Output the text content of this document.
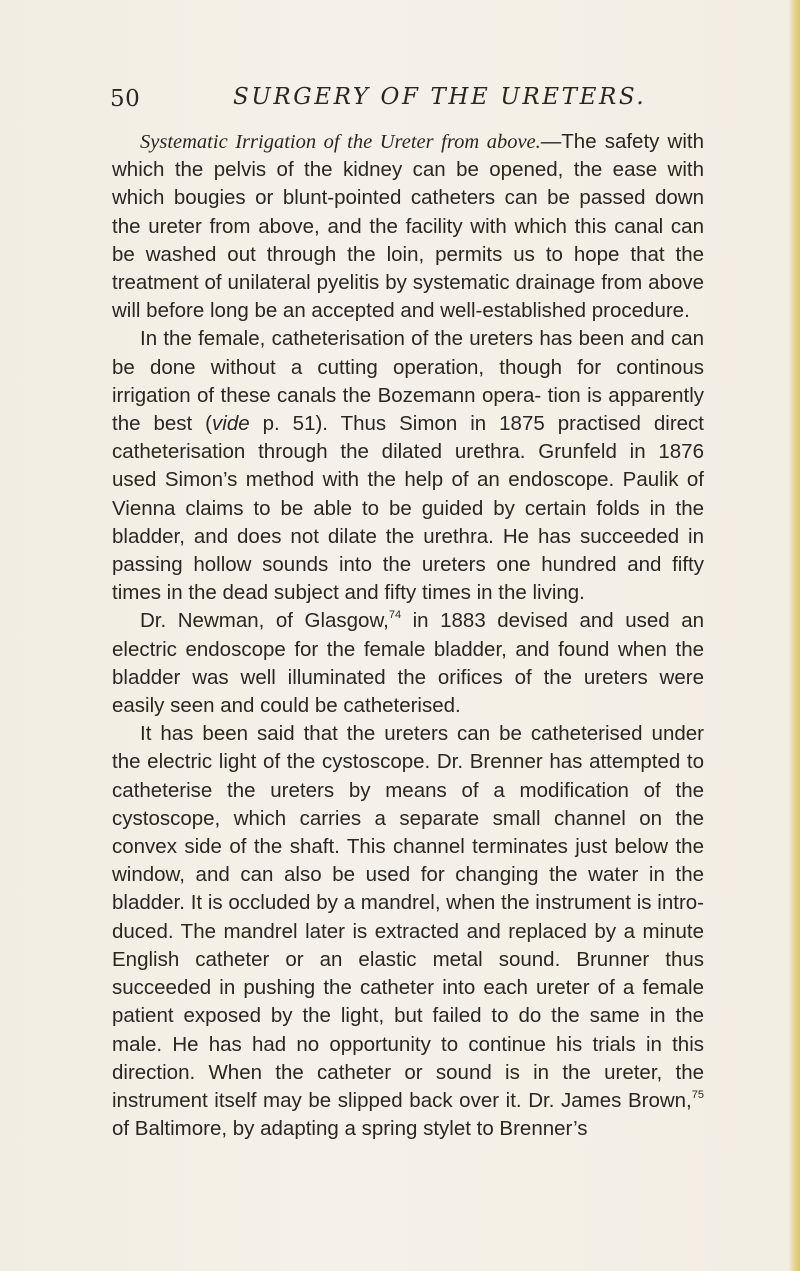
50	SURGERY OF THE URETERS.

Systematic Irrigation of the Ureter from above.—The safety with which the pelvis of the kidney can be opened, the ease with which bougies or blunt-pointed catheters can be passed down the ureter from above, and the facility with which this canal can be washed out through the loin, permits us to hope that the treatment of unilateral pyelitis by systematic drainage from above will before long be an accepted and well-established procedure.

In the female, catheterisation of the ureters has been and can be done without a cutting operation, though for continous irrigation of these canals the Bozemann opera- tion is apparently the best (vide p. 51). Thus Simon in 1875 practised direct catheterisation through the dilated urethra. Grunfeld in 1876 used Simon’s method with the help of an endoscope. Paulik of Vienna claims to be able to be guided by certain folds in the bladder, and does not dilate the urethra. He has succeeded in passing hollow sounds into the ureters one hundred and fifty times in the dead subject and fifty times in the living.

Dr. Newman, of Glasgow,$^{74}$ in 1883 devised and used an electric endoscope for the female bladder, and found when the bladder was well illuminated the orifices of the ureters were easily seen and could be catheterised.

It has been said that the ureters can be catheterised under the electric light of the cystoscope. Dr. Brenner has attempted to catheterise the ureters by means of a modification of the cystoscope, which carries a separate small channel on the convex side of the shaft. This channel terminates just below the window, and can also be used for changing the water in the bladder. It is occluded by a mandrel, when the instrument is intro- duced. The mandrel later is extracted and replaced by a minute English catheter or an elastic metal sound. Brunner thus succeeded in pushing the catheter into each ureter of a female patient exposed by the light, but failed to do the same in the male. He has had no opportunity to continue his trials in this direction. When the catheter or sound is in the ureter, the instrument itself may be slipped back over it. Dr. James Brown,$^{75}$ of Baltimore, by adapting a spring stylet to Brenner’s
